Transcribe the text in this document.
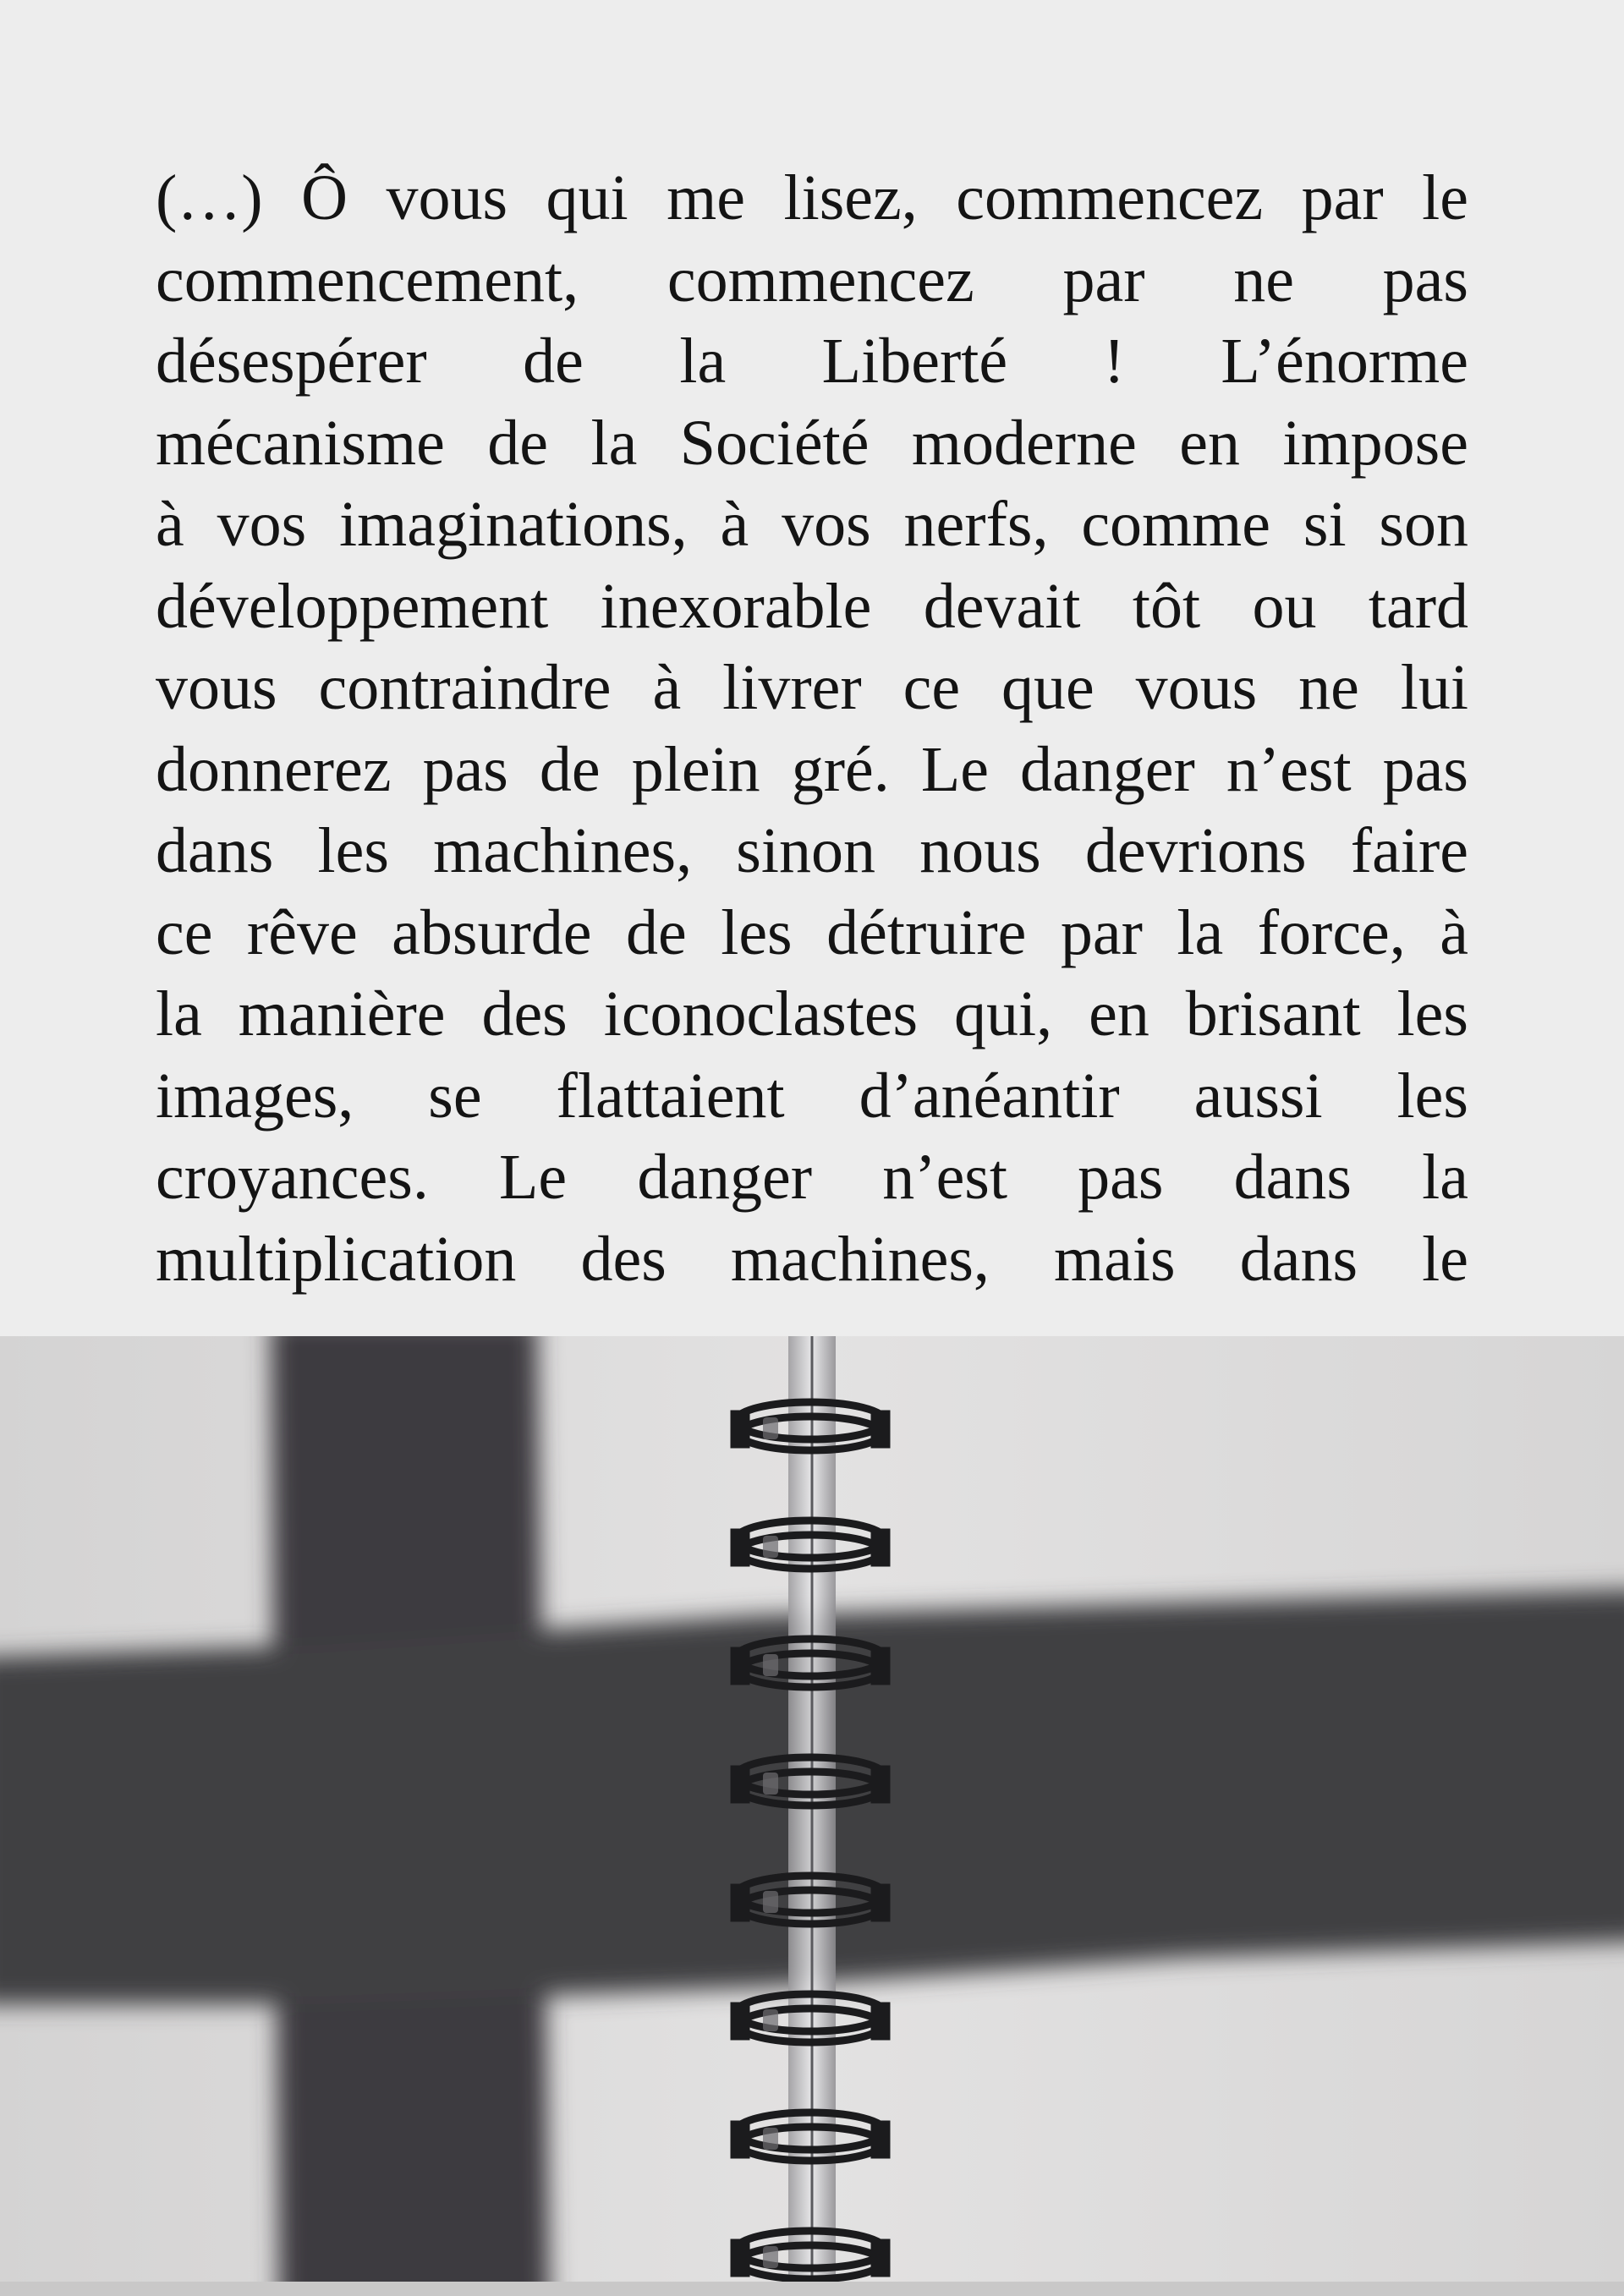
(…) Ô vous qui me lisez, commencez par le
commencement, commencez par ne pas
désespérer de la Liberté ! L’énorme
mécanisme de la Société moderne en impose
à vos imaginations, à vos nerfs, comme si son
développement inexorable devait tôt ou tard
vous contraindre à livrer ce que vous ne lui
donnerez pas de plein gré. Le danger n’est pas
dans les machines, sinon nous devrions faire
ce rêve absurde de les détruire par la force, à
la manière des iconoclastes qui, en brisant les
images, se flattaient d’anéantir aussi les
croyances. Le danger n’est pas dans la
multiplication des machines, mais dans le
